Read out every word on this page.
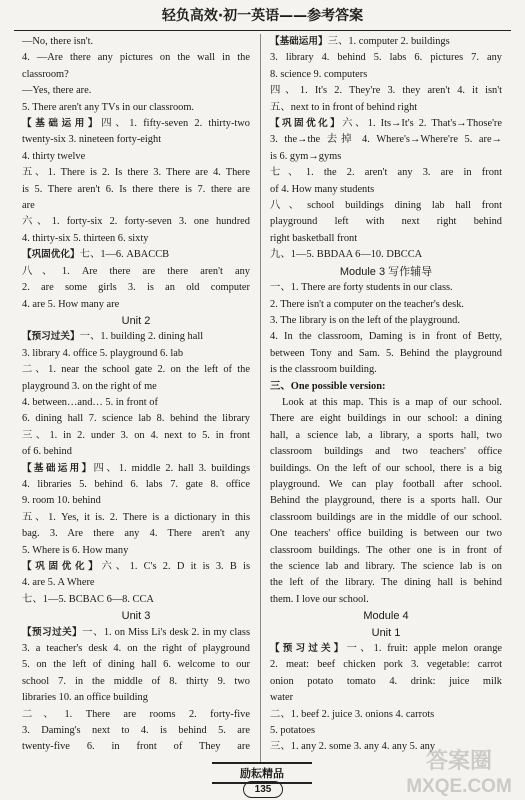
轻负高效·初一英语——参考答案
—No, there isn't.
4. —Are there any pictures on the wall in the
classroom?
—Yes, there are.
5. There aren't any TVs in our classroom.
【基础运用】四、1. fifty-seven 2. thirty-two
twenty-six 3. nineteen forty-eight
4. thirty twelve
五、1. There is 2. Is there 3. There are 4. There
is 5. There aren't 6. Is there there is 7. there are
are
六、1. forty-six 2. forty-seven 3. one hundred
4. thirty-six 5. thirteen 6. sixty
【巩固优化】七、1—6. ABACCB
八、1. Are there are there aren't any
2. are some girls 3. is an old computer
4. are 5. How many are
Unit 2
【预习过关】一、1. building 2. dining hall
3. library 4. office 5. playground 6. lab
二、1. near the school gate 2. on the left of the
playground 3. on the right of me
4. between…and… 5. in front of
6. dining hall 7. science lab 8. behind the library
三、1. in 2. under 3. on 4. next to 5. in front
of 6. behind
【基础运用】四、1. middle 2. hall 3. buildings
4. libraries 5. behind 6. labs 7. gate 8. office
9. room 10. behind
五、1. Yes, it is. 2. There is a dictionary in this
bag. 3. Are there any 4. There aren't any
5. Where is 6. How many
【巩固优化】六、1. C's 2. D it is 3. B is
4. are 5. A Where
七、1—5. BCBAC 6—8. CCA
Unit 3
【预习过关】一、1. on Miss Li's desk 2. in my class
3. a teacher's desk 4. on the right of playground
5. on the left of dining hall 6. welcome to our
school 7. in the middle of 8. thirty 9. two
libraries 10. an office building
二、1. There are rooms 2. forty-five
3. Daming's next to 4. is behind 5. are
twenty-five 6. in front of They are
【基础运用】三、1. computer 2. buildings
3. library 4. behind 5. labs 6. pictures 7. any
8. science 9. computers
四、1. It's 2. They're 3. they aren't 4. it isn't
五、next to in front of behind right
【巩固优化】六、1. Its→It's 2. That's→Those're
3. the→the 去掉 4. Where's→Where're 5. are→
is 6. gym→gyms
七、1. the 2. aren't any 3. are in front
of 4. How many students
八、school buildings dining lab hall front
playground left with next right behind
right basketball front
九、1—5. BBDAA 6—10. DBCCA
Module 3 写作辅导
一、1. There are forty students in our class.
2. There isn't a computer on the teacher's desk.
3. The library is on the left of the playground.
4. In the classroom, Daming is in front of Betty,
between Tony and Sam. 5. Behind the playground
is the classroom building.
三、One possible version:
Look at this map. This is a map of our school.
There are eight buildings in our school: a dining
hall, a science lab, a library, a sports hall, two
classroom buildings and two teachers' office
buildings. On the left of our school, there is a big
playground. We can play football after school.
Behind the playground, there is a sports hall. Our
classroom buildings are in the middle of our school.
One teachers' office building is between our two
classroom buildings. The other one is in front of
the science lab and library. The science lab is on
the left of the library. The dining hall is behind
them. I love our school.
Module 4
Unit 1
【预习过关】一、1. fruit: apple melon orange
2. meat: beef chicken pork 3. vegetable: carrot
onion potato tomato 4. drink: juice milk
water
二、1. beef 2. juice 3. onions 4. carrots
5. potatoes
三、1. any 2. some 3. any 4. any 5. any
励耘精品
135
答案圈
MXQE.COM
